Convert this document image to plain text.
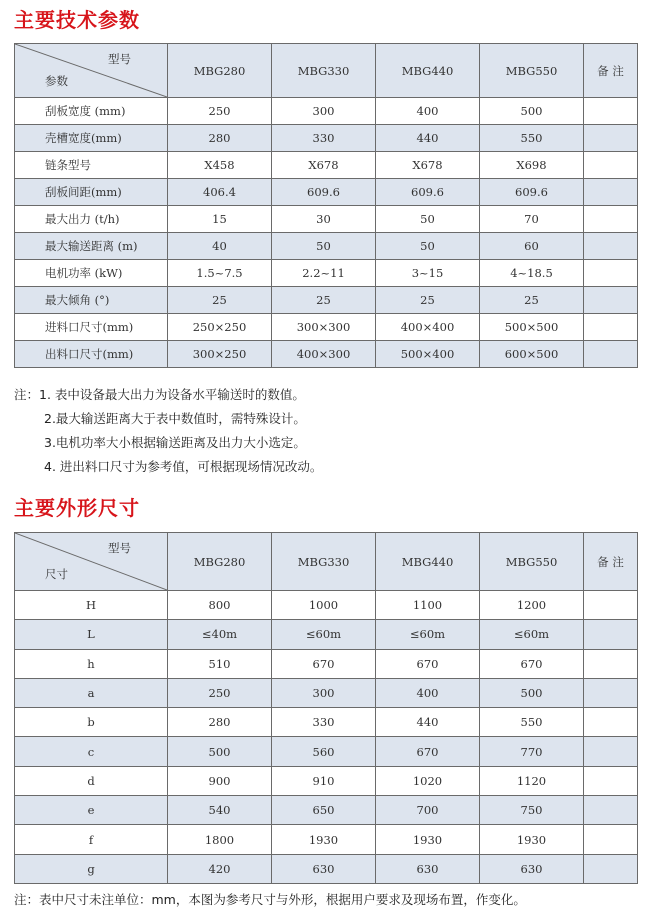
主要技术参数
型号
参数	MBG280	MBG330	MBG440	MBG550	备 注
刮板宽度 (mm)	250	300	400	500	
壳槽宽度(mm)	280	330	440	550	
链条型号	X458	X678	X678	X698	
刮板间距(mm)	406.4	609.6	609.6	609.6	
最大出力 (t/h)	15	30	50	70	
最大输送距离 (m)	40	50	50	60	
电机功率 (kW)	1.5~7.5	2.2~11	3~15	4~18.5	
最大倾角 (°)	25	25	25	25	
进料口尺寸(mm)	250×250	300×300	400×400	500×500	
出料口尺寸(mm)	300×250	400×300	500×400	600×500	
注：1. 表中设备最大出力为设备水平输送时的数值。
2.最大输送距离大于表中数值时，需特殊设计。
3.电机功率大小根据输送距离及出力大小选定。
4. 进出料口尺寸为参考值，可根据现场情况改动。
主要外形尺寸
型号
尺寸	MBG280	MBG330	MBG440	MBG550	备 注
H	800	1000	1100	1200	
L	≤40m	≤60m	≤60m	≤60m	
h	510	670	670	670	
a	250	300	400	500	
b	280	330	440	550	
c	500	560	670	770	
d	900	910	1020	1120	
e	540	650	700	750	
f	1800	1930	1930	1930	
g	420	630	630	630	
注：表中尺寸未注单位：mm，本图为参考尺寸与外形，根据用户要求及现场布置，作变化。
